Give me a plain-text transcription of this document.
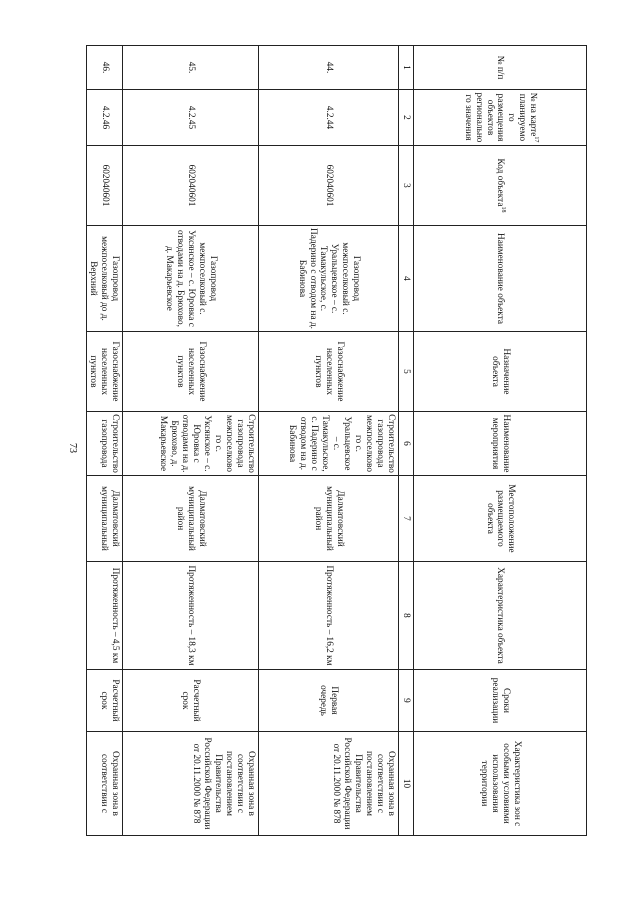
73
№ п/п	№ на карте$^{17}$ планируемого размещения объектов регионального значения	Код объекта$^{18}$	Наименование объекта	Назначение объекта	Наименование мероприятия	Местоположение размещаемого объекта	Характеристика объекта	Сроки реализации	Характеристика зон с особыми условиями использования территории
1	2	3	4	5	6	7	8	9	10
44.	4.2.44	602040601	Газопровод межпоселковый с. Уральцевское – с. Тамакульское, с. Падерино с отводом на д. Бабинова	Газоснабжение населенных пунктов	Строительство газопровода межпоселкового с. Уральцевское – с. Тамакульское, с. Падерино с отводом на д. Бабинова	Далматовский муниципальный район	Протяженность – 16,2 км	Первая очередь	Охранная зона в соответствии с постановлением Правительства Российской Федерации от 20.11.2000 № 878
45.	4.2.45	602040601	Газопровод межпоселковый с. Уксянское – с. Юровка с отводами на д. Брюхово, д. Макарьевское	Газоснабжение населенных пунктов	Строительство газопровода межпоселкового с. Уксянское – с. Юровка с отводами на д. Брюхово, д. Макарьевское	Далматовский муниципальный район	Протяженность – 18,3 км	Расчетный срок	Охранная зона в соответствии с постановлением Правительства Российской Федерации от 20.11.2000 № 878
46.	4.2.46	602040601	Газопровод межпоселковый до д. Верхний	Газоснабжение населенных пунктов	Строительство газопровода	Далматовский муниципальный	Протяженность – 4,5 км	Расчетный срок	Охранная зона в соответствии с
